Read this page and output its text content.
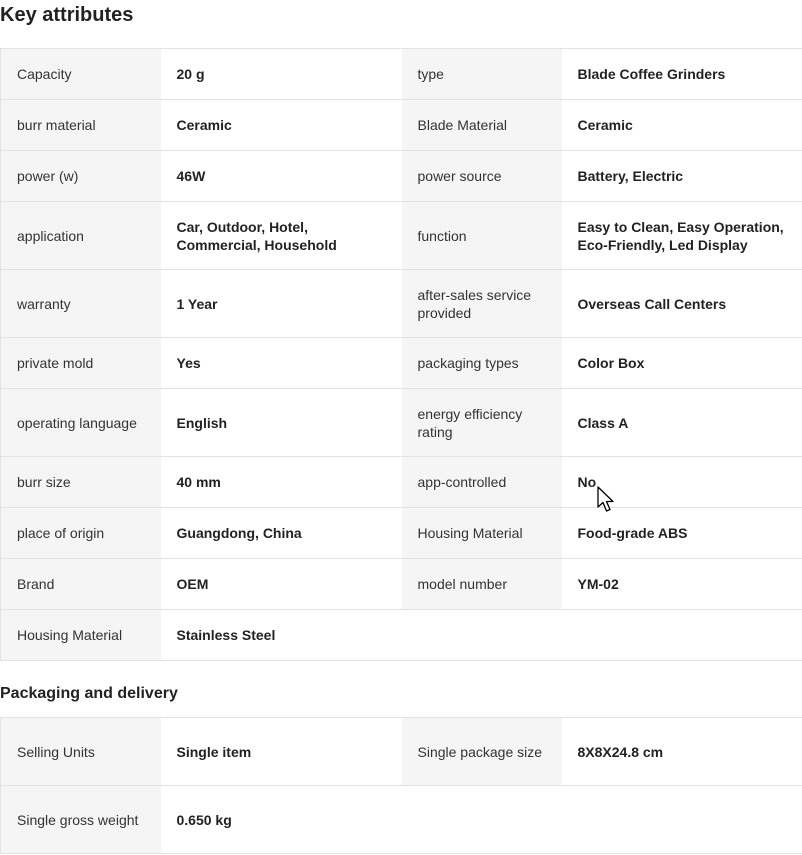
Key attributes
Capacity	20 g	type	Blade Coffee Grinders
burr material	Ceramic	Blade Material	Ceramic
power (w)	46W	power source	Battery, Electric
application	Car, Outdoor, Hotel, Commercial, Household	function	Easy to Clean, Easy Operation, Eco-Friendly, Led Display
warranty	1 Year	after-sales service provided	Overseas Call Centers
private mold	Yes	packaging types	Color Box
operating language	English	energy efficiency rating	Class A
burr size	40 mm	app-controlled	No
place of origin	Guangdong, China	Housing Material	Food-grade ABS
Brand	OEM	model number	YM-02
Housing Material	Stainless Steel		
Packaging and delivery
Selling Units	Single item	Single package size	8X8X24.8 cm
Single gross weight	0.650 kg		
